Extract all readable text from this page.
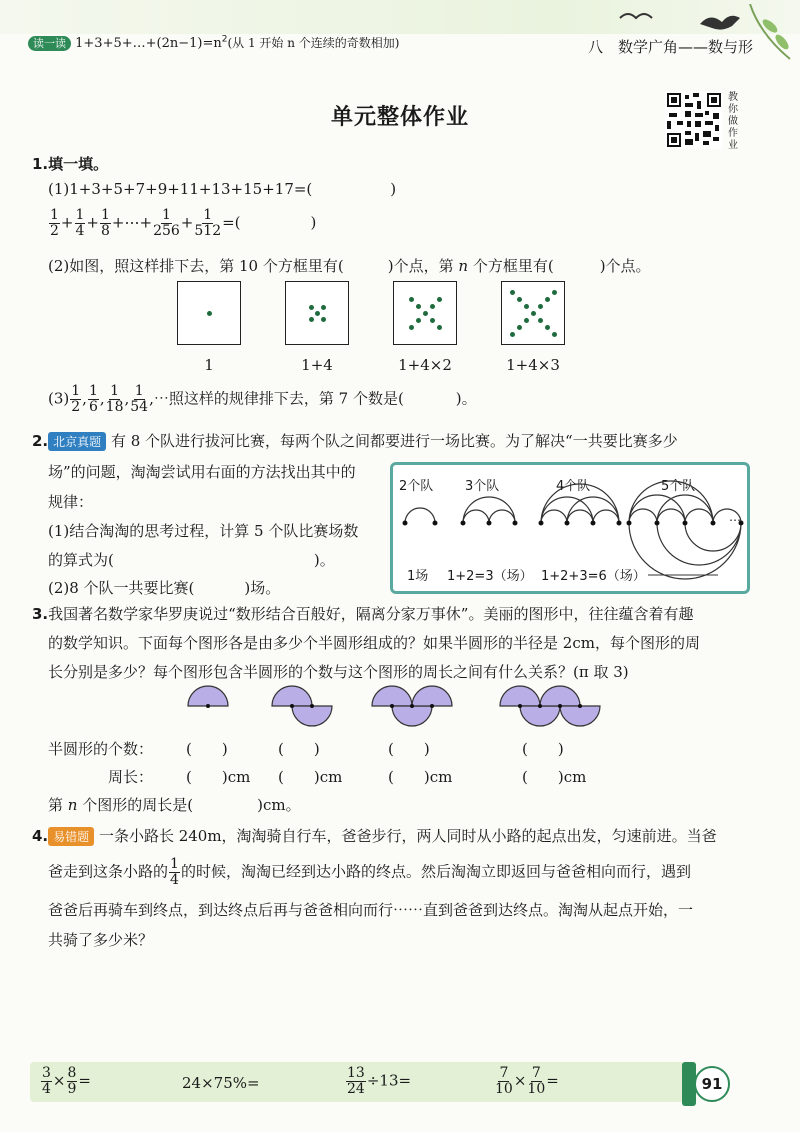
读一读 $1+3+5+\dots+(2n-1)=n^2$(从 1 开始 n 个连续的奇数相加)	八　数学广角——数与形
单元整体作业
教
你
做
作
业
1.填一填。
(1)1+3+5+7+9+11+13+15+17=(	)
$\frac{1}{2} + \frac{1}{4} + \frac{1}{8}$ +⋯+ $\frac{1}{256} + \frac{1}{512}$ =(	)
(2)如图，照这样排下去，第 10 个方框里有(	)个点，第 n 个方框里有(	)个点。
1	1+4	1+4×2	1+4×3
$(3) \frac{1}{2}$ , $\frac{1}{6}$ , $\frac{1}{18}$ , $\frac{1}{54}$ ,⋯照这样的规律排下去，第 7 个数是(	)。
2. 北京真题 有 8 个队进行拔河比赛，每两个队之间都要进行一场比赛。为了解决“一共要比赛多少
场”的问题，淘淘尝试用右面的方法找出其中的
规律：
(1)结合淘淘的思考过程，计算 5 个队比赛场数
的算式为(	)。
(2)8 个队一共要比赛(	)场。
2个队 3个队	4个队	5个队
⋯
1场 1+2=3（场） 1+2+3=6（场）
3.我国著名数学家华罗庚说过“数形结合百般好，隔离分家万事休”。美丽的图形中，往往蕴含着有趣
的数学知识。下面每个图形各是由多少个半圆形组成的？如果半圆形的半径是 2cm，每个图形的周
长分别是多少？每个图形包含半圆形的个数与这个图形的周长之间有什么关系？(π 取 3)
半圆形的个数： (　　)	(　　)	(　　)	(　　)
周长： (　　)cm (　　)cm	(　　)cm	(　　)cm
第 n 个图形的周长是(	)cm。
4. 易错题 一条小路长 240m，淘淘骑自行车，爸爸步行，两人同时从小路的起点出发，匀速前进。当爸
爸走到这条小路的 $\frac{1}{4}$ 的时候，淘淘已经到达小路的终点。然后淘淘立即返回与爸爸相向而行，遇到
爸爸后再骑车到终点，到达终点后再与爸爸相向而行⋯⋯直到爸爸到达终点。淘淘从起点开始，一
共骑了多少米？
$\frac{3}{4} \times \frac{8}{9}$ =	24×75%=	$\frac{13}{24} \div 13=$	$\frac{7}{10} \times \frac{7}{10}$ =	91
